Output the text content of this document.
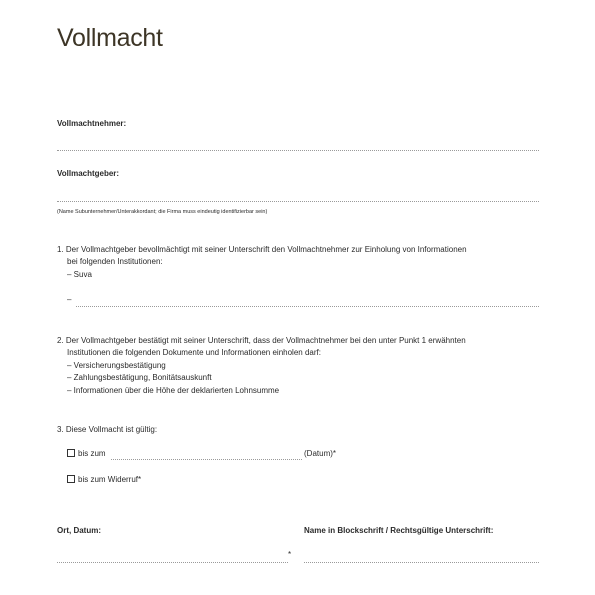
Vollmacht
Vollmachtnehmer:
Vollmachtgeber:
(Name Subunternehmer/Unterakkordant; die Firma muss eindeutig identifizierbar sein)
1. Der Vollmachtgeber bevollmächtigt mit seiner Unterschrift den Vollmachtnehmer zur Einholung von Informationen
bei folgenden Institutionen:
– Suva
–
2. Der Vollmachtgeber bestätigt mit seiner Unterschrift, dass der Vollmachtnehmer bei den unter Punkt 1 erwähnten
Institutionen die folgenden Dokumente und Informationen einholen darf:
– Versicherungsbestätigung
– Zahlungsbestätigung, Bonitätsauskunft
– Informationen über die Höhe der deklarierten Lohnsumme
3. Diese Vollmacht ist gültig:
bis zum	(Datum)*
bis zum Widerruf*
Ort, Datum:	Name in Blockschrift / Rechtsgültige Unterschrift:
*
